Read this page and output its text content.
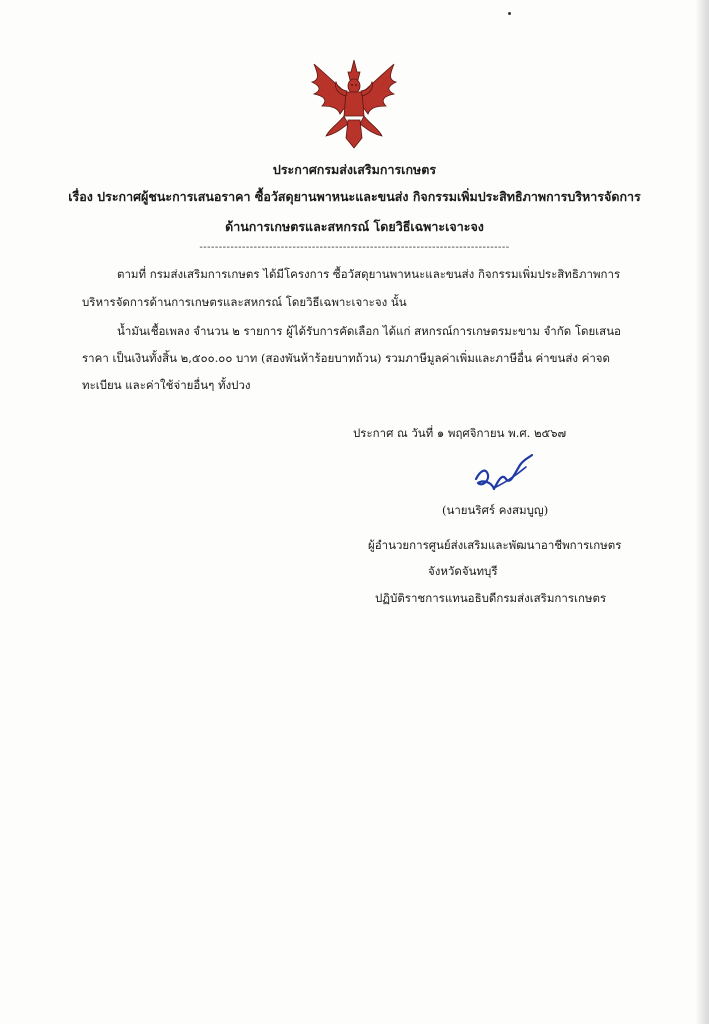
ประกาศกรมส่งเสริมการเกษตร
เรื่อง ประกาศผู้ชนะการเสนอราคา ซื้อวัสดุยานพาหนะและขนส่ง กิจกรรมเพิ่มประสิทธิภาพการบริหารจัดการ
ด้านการเกษตรและสหกรณ์ โดยวิธีเฉพาะเจาะจง
--------------------------------------------------------------------------------
ตามที่ กรมส่งเสริมการเกษตร ได้มีโครงการ ซื้อวัสดุยานพาหนะและขนส่ง กิจกรรมเพิ่มประสิทธิภาพการ
บริหารจัดการด้านการเกษตรและสหกรณ์ โดยวิธีเฉพาะเจาะจง นั้น
น้ำมันเชื้อเพลง จำนวน ๒ รายการ ผู้ได้รับการคัดเลือก ได้แก่ สหกรณ์การเกษตรมะขาม จำกัด โดยเสนอ
ราคา เป็นเงินทั้งสิ้น ๒,๕๐๐.๐๐ บาท (สองพันห้าร้อยบาทถ้วน) รวมภาษีมูลค่าเพิ่มและภาษีอื่น ค่าขนส่ง ค่าจด
ทะเบียน และค่าใช้จ่ายอื่นๆ ทั้งปวง
ประกาศ ณ วันที่ ๑ พฤศจิกายน พ.ศ. ๒๕๖๗
(นายนริศร์ คงสมบูญ)
ผู้อำนวยการศูนย์ส่งเสริมและพัฒนาอาชีพการเกษตร
จังหวัดจันทบุรี
ปฏิบัติราชการแทนอธิบดีกรมส่งเสริมการเกษตร
